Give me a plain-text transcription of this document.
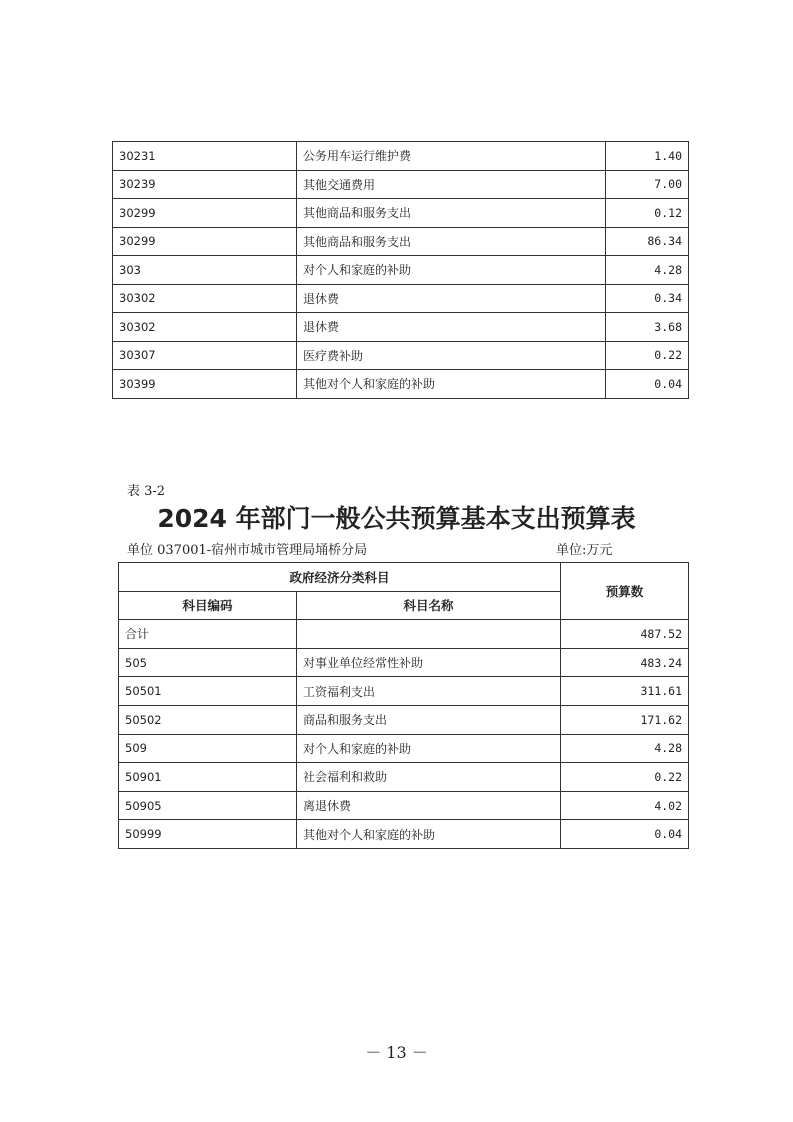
30231	公务用车运行维护费	1.40
30239	其他交通费用	7.00
30299	其他商品和服务支出	0.12
30299	其他商品和服务支出	86.34
303	对个人和家庭的补助	4.28
30302	退休费	0.34
30302	退休费	3.68
30307	医疗费补助	0.22
30399	其他对个人和家庭的补助	0.04
表 3-2
2024 年部门一般公共预算基本支出预算表
单位 037001-宿州市城市管理局埇桥分局	单位:万元
政府经济分类科目		预算数
科目编码	科目名称	
合计		487.52
505	对事业单位经常性补助	483.24
50501	工资福利支出	311.61
50502	商品和服务支出	171.62
509	对个人和家庭的补助	4.28
50901	社会福利和救助	0.22
50905	离退休费	4.02
50999	其他对个人和家庭的补助	0.04
－ 13 －
